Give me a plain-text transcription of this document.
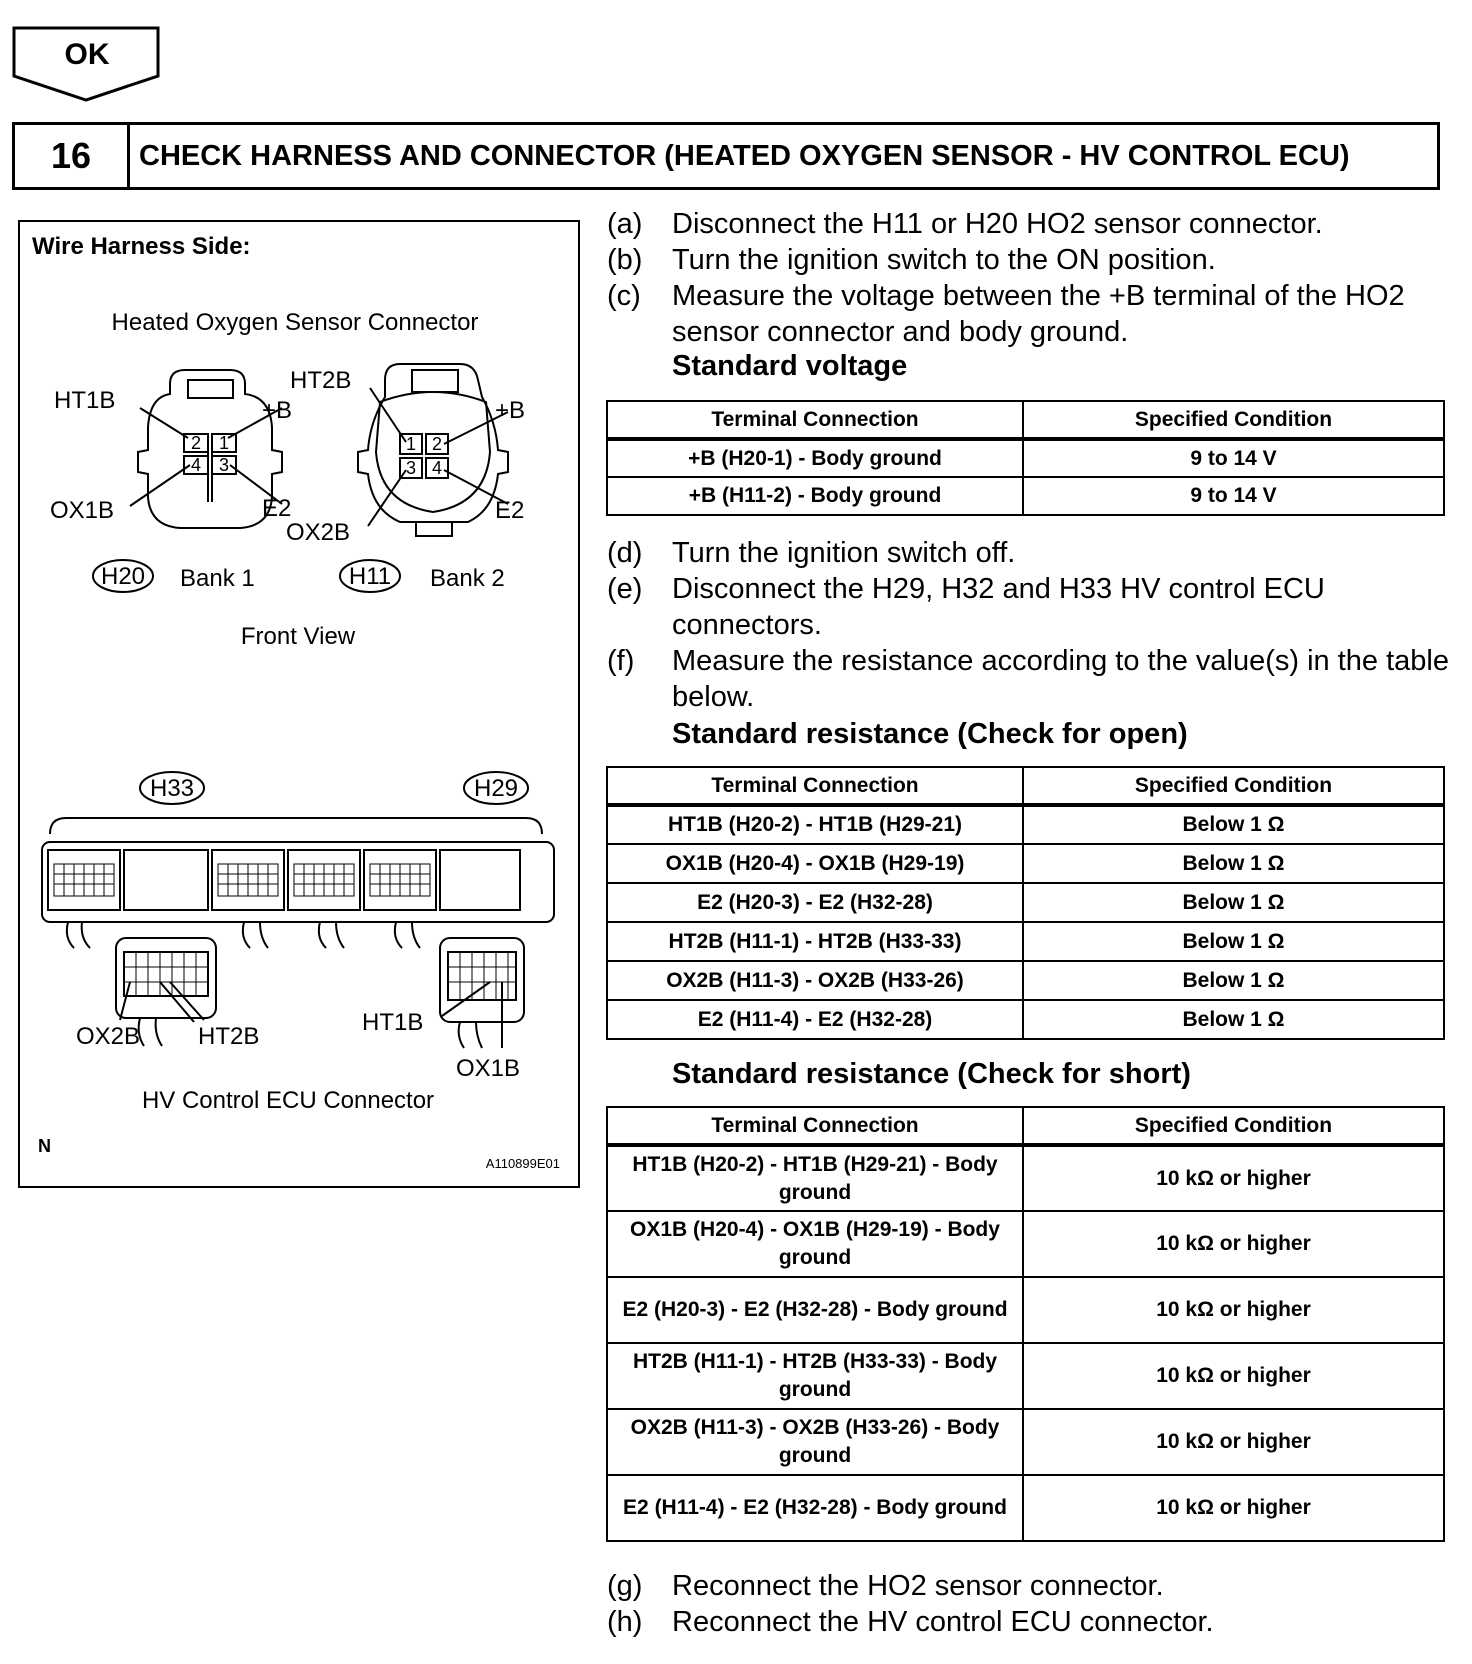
OK
16	CHECK HARNESS AND CONNECTOR (HEATED OXYGEN SENSOR - HV CONTROL ECU)
Wire Harness Side:
Heated Oxygen Sensor Connector
2 1
4 3
HT1B	+B
OX1B	E2
1 2
3 4
HT2B
+B
OX2B
E2
H20 Bank 1	H11 Bank 2
Front View
H33	H29
OX2B HT2B
HT1B
OX1B
HV Control ECU Connector
N
A110899E01
(a) Disconnect the H11 or H20 HO2 sensor connector.
(b) Turn the ignition switch to the ON position.
(c) Measure the voltage between the +B terminal of the HO2 sensor connector and body ground.
Standard voltage
Terminal Connection	Specified Condition
+B (H20-1) - Body ground	9 to 14 V
+B (H11-2) - Body ground	9 to 14 V
(d) Turn the ignition switch off.
(e) Disconnect the H29, H32 and H33 HV control ECU connectors.
(f) Measure the resistance according to the value(s) in the table below.
Standard resistance (Check for open)
Terminal Connection	Specified Condition
HT1B (H20-2) - HT1B (H29-21)	Below 1 Ω
OX1B (H20-4) - OX1B (H29-19)	Below 1 Ω
E2 (H20-3) - E2 (H32-28)	Below 1 Ω
HT2B (H11-1) - HT2B (H33-33)	Below 1 Ω
OX2B (H11-3) - OX2B (H33-26)	Below 1 Ω
E2 (H11-4) - E2 (H32-28)	Below 1 Ω
Standard resistance (Check for short)
Terminal Connection	Specified Condition
HT1B (H20-2) - HT1B (H29-21) - Body ground	10 kΩ or higher
OX1B (H20-4) - OX1B (H29-19) - Body ground	10 kΩ or higher
E2 (H20-3) - E2 (H32-28) - Body ground	10 kΩ or higher
HT2B (H11-1) - HT2B (H33-33) - Body ground	10 kΩ or higher
OX2B (H11-3) - OX2B (H33-26) - Body ground	10 kΩ or higher
E2 (H11-4) - E2 (H32-28) - Body ground	10 kΩ or higher
(g) Reconnect the HO2 sensor connector.
(h) Reconnect the HV control ECU connector.
